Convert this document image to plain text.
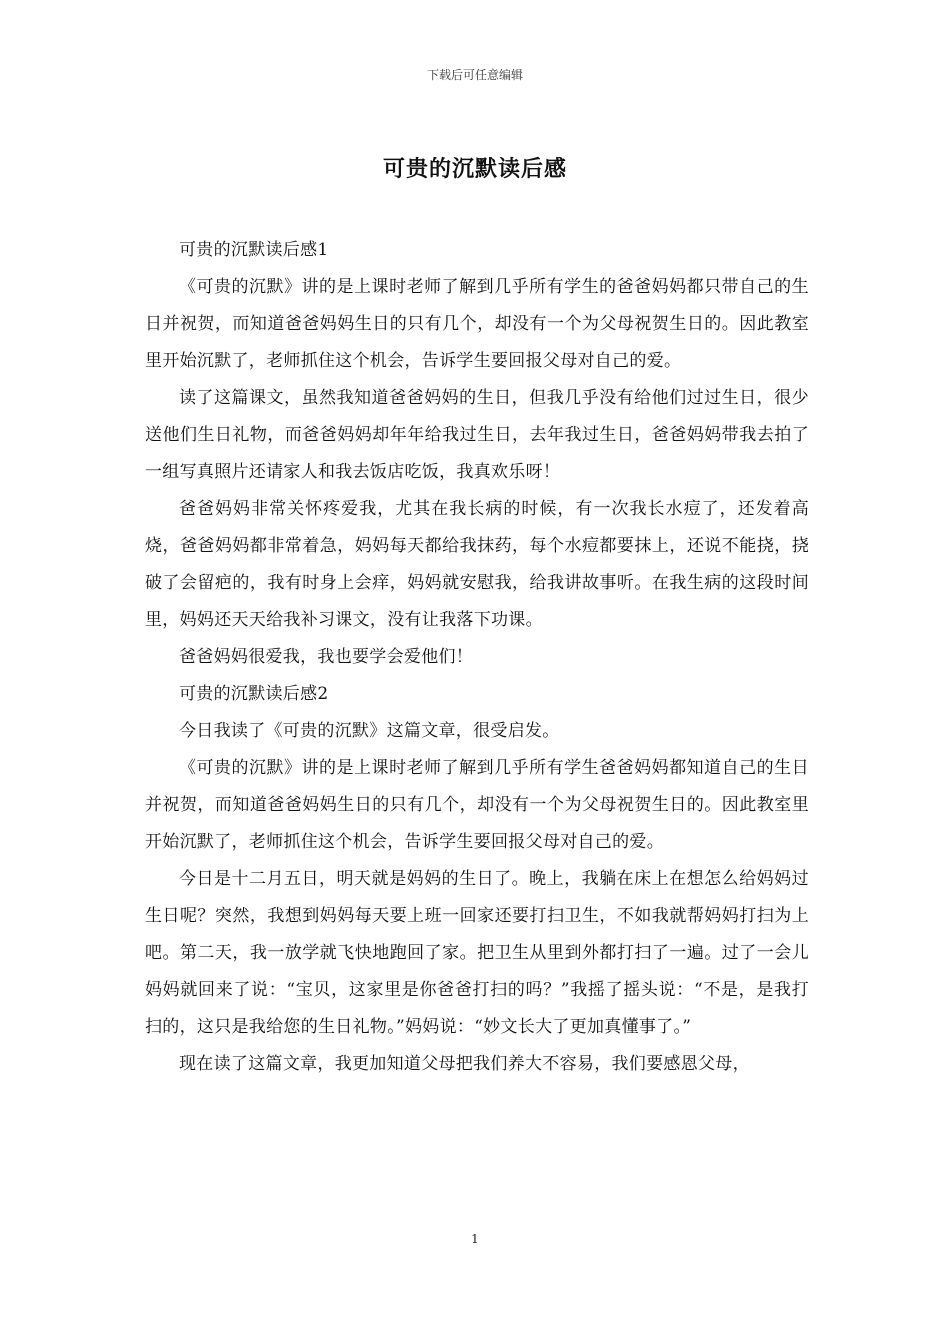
下载后可任意编辑
可贵的沉默读后感

可贵的沉默读后感1

《可贵的沉默》讲的是上课时老师了解到几乎所有学生的爸爸妈妈都只带自己的生日并祝贺，而知道爸爸妈妈生日的只有几个，却没有一个为父母祝贺生日的。因此教室里开始沉默了，老师抓住这个机会，告诉学生要回报父母对自己的爱。

读了这篇课文，虽然我知道爸爸妈妈的生日，但我几乎没有给他们过过生日，很少送他们生日礼物，而爸爸妈妈却年年给我过生日，去年我过生日，爸爸妈妈带我去拍了一组写真照片还请家人和我去饭店吃饭，我真欢乐呀！

爸爸妈妈非常关怀疼爱我，尤其在我长病的时候，有一次我长水痘了，还发着高烧，爸爸妈妈都非常着急，妈妈每天都给我抹药，每个水痘都要抹上，还说不能挠，挠破了会留疤的，我有时身上会痒，妈妈就安慰我，给我讲故事听。在我生病的这段时间里，妈妈还天天给我补习课文，没有让我落下功课。

爸爸妈妈很爱我，我也要学会爱他们！

可贵的沉默读后感2

今日我读了《可贵的沉默》这篇文章，很受启发。

《可贵的沉默》讲的是上课时老师了解到几乎所有学生爸爸妈妈都知道自己的生日并祝贺，而知道爸爸妈妈生日的只有几个，却没有一个为父母祝贺生日的。因此教室里开始沉默了，老师抓住这个机会，告诉学生要回报父母对自己的爱。

今日是十二月五日，明天就是妈妈的生日了。晚上，我躺在床上在想怎么给妈妈过生日呢？突然，我想到妈妈每天要上班一回家还要打扫卫生，不如我就帮妈妈打扫为上吧。第二天，我一放学就飞快地跑回了家。把卫生从里到外都打扫了一遍。过了一会儿妈妈就回来了说：“宝贝，这家里是你爸爸打扫的吗？”我摇了摇头说：“不是，是我打扫的，这只是我给您的生日礼物。”妈妈说：“妙文长大了更加真懂事了。”

现在读了这篇文章，我更加知道父母把我们养大不容易，我们要感恩父母，

1
